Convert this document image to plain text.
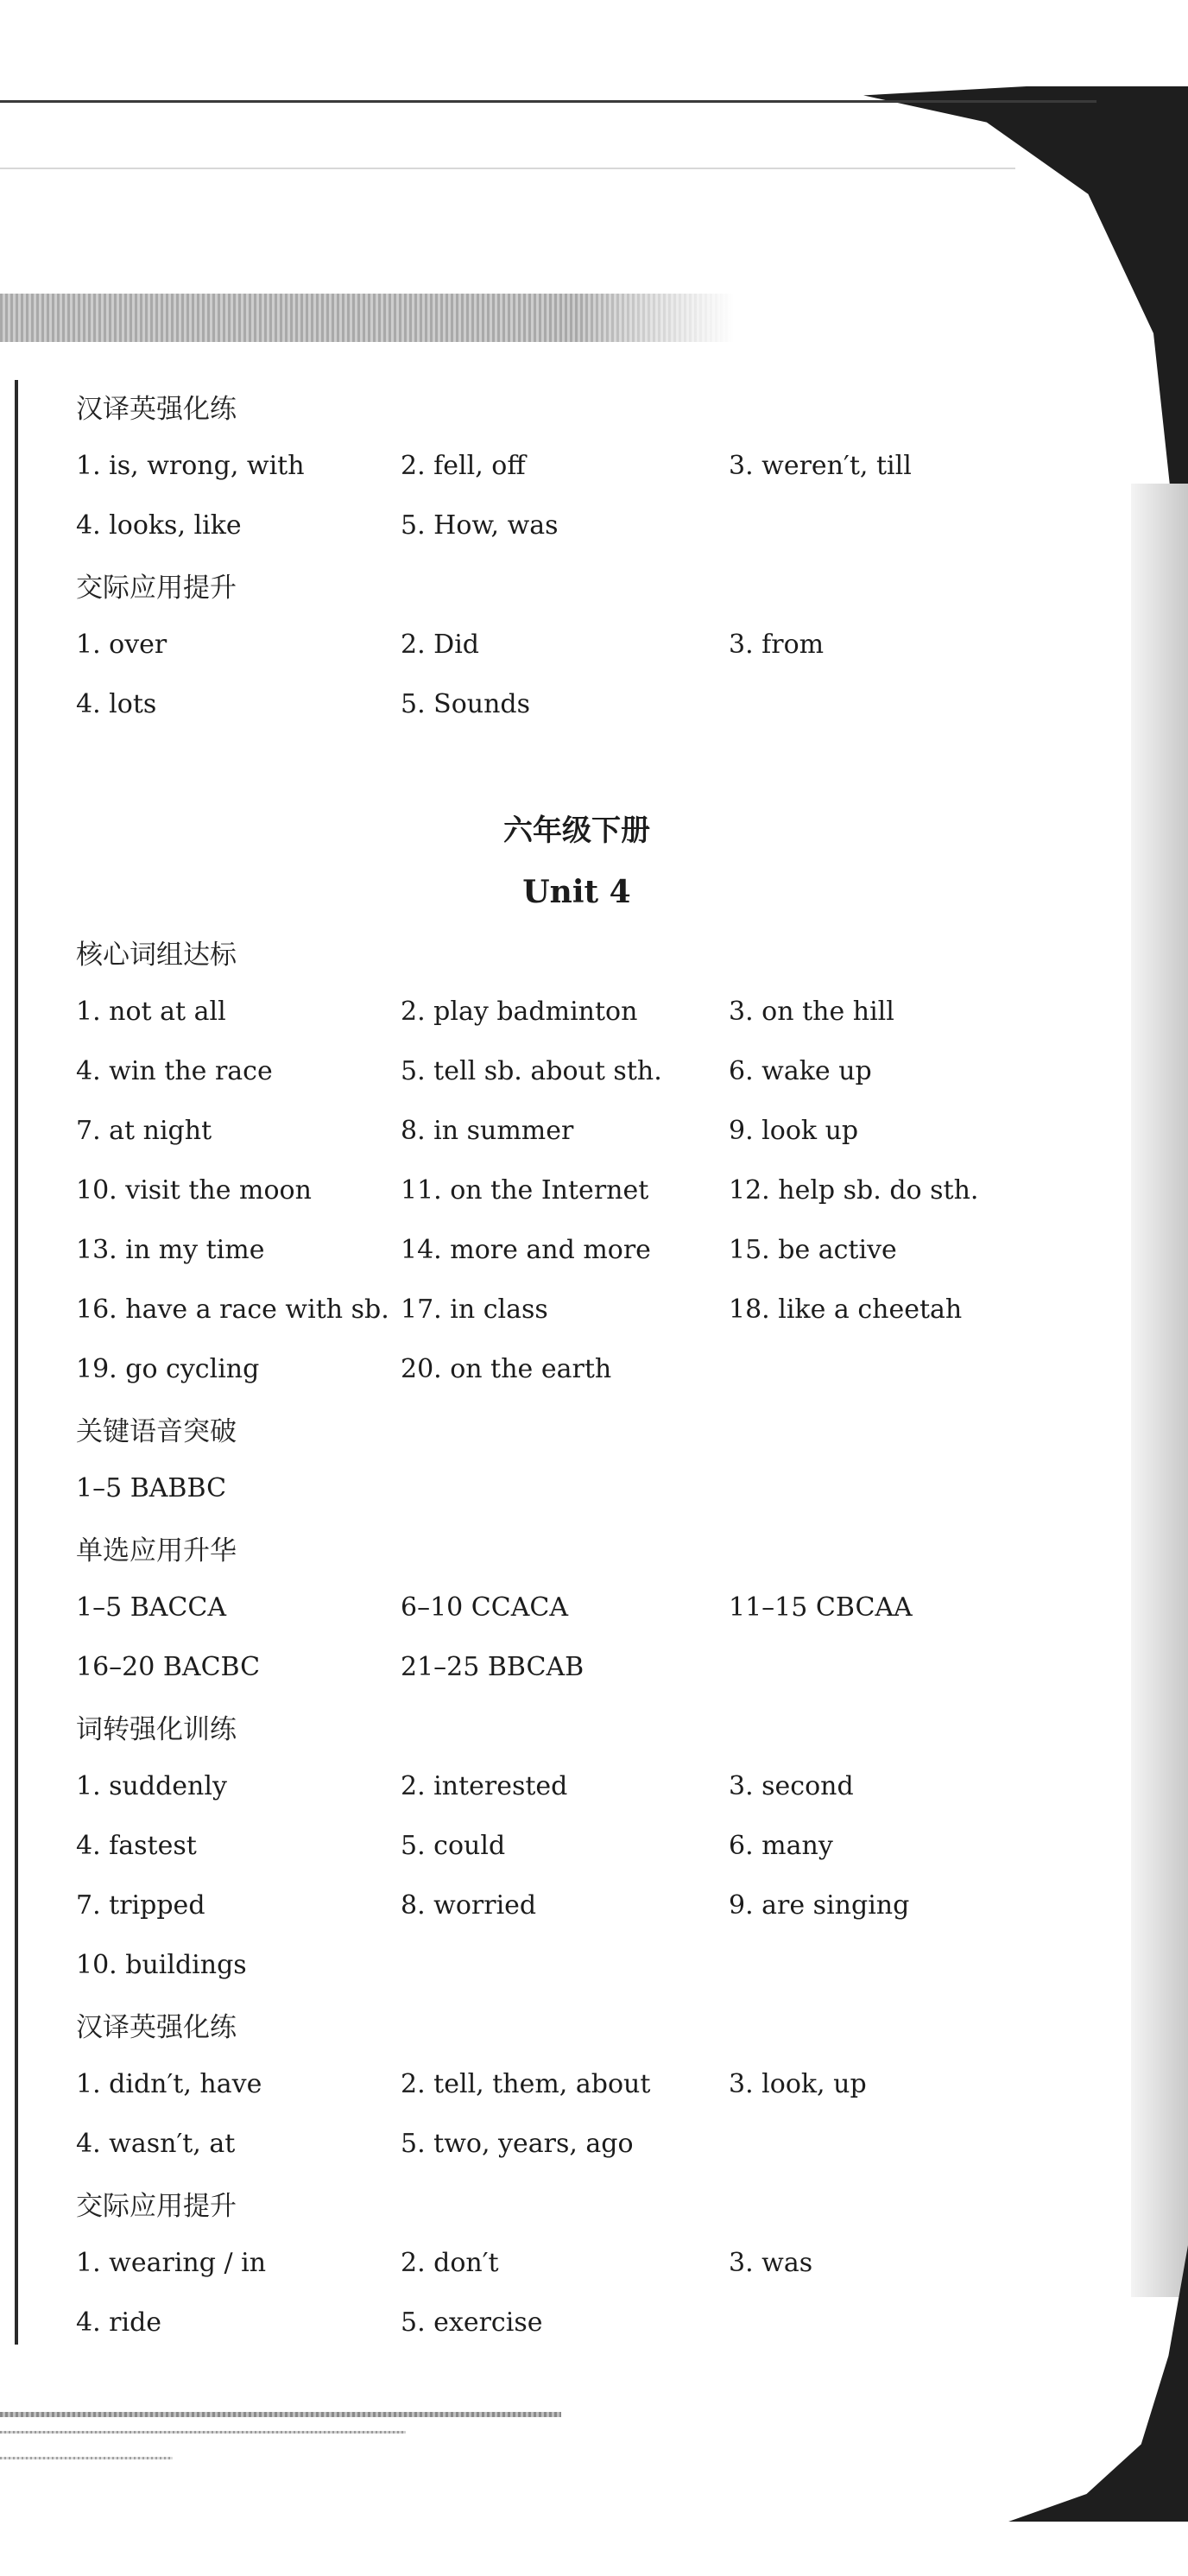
汉译英强化练
1. is, wrong, with	2. fell, off	3. weren′t, till
4. looks, like	5. How, was
交际应用提升
1. over	2. Did	3. from
4. lots	5. Sounds
六年级下册
Unit 4
核心词组达标
1. not at all	2. play badminton	3. on the hill
4. win the race	5. tell sb. about sth.	6. wake up
7. at night	8. in summer	9. look up
10. visit the moon	11. on the Internet	12. help sb. do sth.
13. in my time	14. more and more	15. be active
16. have a race with sb. 17. in class	18. like a cheetah
19. go cycling	20. on the earth
关键语音突破
1–5 BABBC
单选应用升华
1–5 BACCA	6–10 CCACA	11–15 CBCAA
16–20 BACBC	21–25 BBCAB
词转强化训练
1. suddenly	2. interested	3. second
4. fastest	5. could	6. many
7. tripped	8. worried	9. are singing
10. buildings
汉译英强化练
1. didn′t, have	2. tell, them, about	3. look, up
4. wasn′t, at	5. two, years, ago
交际应用提升
1. wearing / in	2. don′t	3. was
4. ride	5. exercise
